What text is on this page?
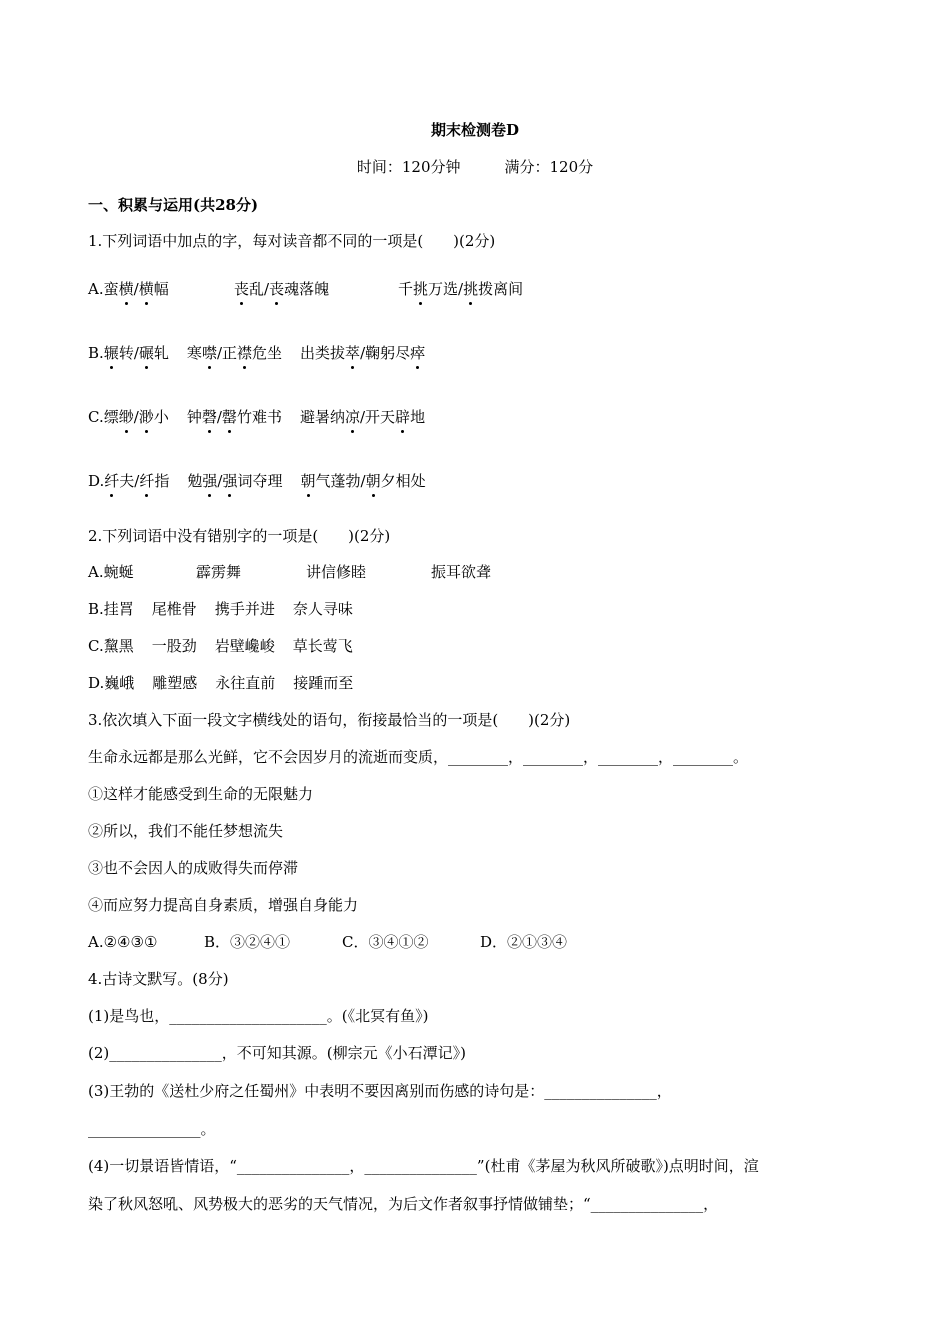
期末检测卷D
时间：120分钟	满分：120分
一、积累与运用(共28分)
1.下列词语中加点的字，每对读音都不同的一项是(　　)(2分)
A.蛮横/横幅	丧乱/丧魂落魄	千挑万选/挑拨离间
B.辗转/碾轧 寒噤/正襟危坐 出类拔萃/鞠躬尽瘁
C.缥缈/渺小 钟磬/罄竹难书 避暑纳凉/开天辟地
D.纤夫/纤指 勉强/强词夺理 朝气蓬勃/朝夕相处
2.下列词语中没有错别字的一项是(　　)(2分)
A.蜿蜒	霹雳舞	讲信修睦	振耳欲聋
B.挂罥 尾椎骨 携手并进 奈人寻味
C.黧黑 一股劲 岩壁巉峻 草长莺飞
D.巍峨 雕塑感 永往直前 接踵而至
3.依次填入下面一段文字横线处的语句，衔接最恰当的一项是(　　)(2分)
生命永远都是那么光鲜，它不会因岁月的流逝而变质，________，________，________，________。
①这样才能感受到生命的无限魅力
②所以，我们不能任梦想流失
③也不会因人的成败得失而停滞
④而应努力提高自身素质，增强自身能力
A.②④③①	B．③②④①	C．③④①②	D．②①③④
4.古诗文默写。(8分)
(1)是鸟也，_____________________。(《北冥有鱼》)
(2)_______________，不可知其源。(柳宗元《小石潭记》)
(3)王勃的《送杜少府之任蜀州》中表明不要因离别而伤感的诗句是：_______________，
_______________。
(4)一切景语皆情语，“_______________，_______________”(杜甫《茅屋为秋风所破歌》)点明时间，渲
染了秋风怒吼、风势极大的恶劣的天气情况，为后文作者叙事抒情做铺垫；“_______________，
